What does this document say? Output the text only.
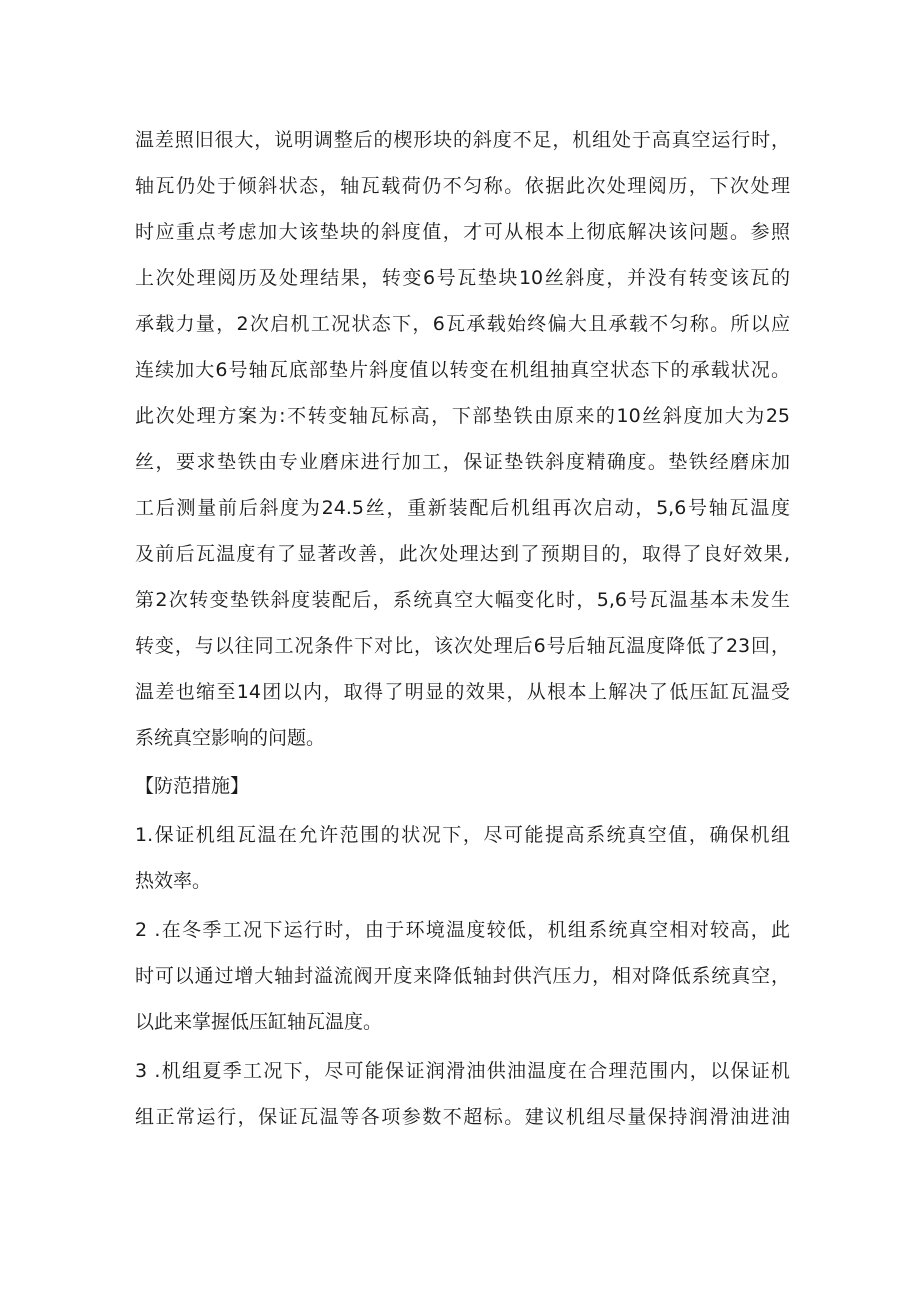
温差照旧很大，说明调整后的楔形块的斜度不足，机组处于高真空运行时，
轴瓦仍处于倾斜状态，轴瓦载荷仍不匀称。依据此次处理阅历，下次处理
时应重点考虑加大该垫块的斜度值，才可从根本上彻底解决该问题。参照
上次处理阅历及处理结果，转变6号瓦垫块10丝斜度，并没有转变该瓦的
承载力量，2次启机工况状态下，6瓦承载始终偏大且承载不匀称。所以应
连续加大6号轴瓦底部垫片斜度值以转变在机组抽真空状态下的承载状况。
此次处理方案为:不转变轴瓦标高，下部垫铁由原来的10丝斜度加大为25
丝，要求垫铁由专业磨床进行加工，保证垫铁斜度精确度。垫铁经磨床加
工后测量前后斜度为24.5丝，重新装配后机组再次启动，5,6号轴瓦温度
及前后瓦温度有了显著改善，此次处理达到了预期目的，取得了良好效果,
第2次转变垫铁斜度装配后，系统真空大幅变化时，5,6号瓦温基本未发生
转变，与以往同工况条件下对比，该次处理后6号后轴瓦温度降低了23回，
温差也缩至14团以内，取得了明显的效果，从根本上解决了低压缸瓦温受
系统真空影响的问题。
【防范措施】
1.保证机组瓦温在允许范围的状况下，尽可能提高系统真空值，确保机组
热效率。
2 .在冬季工况下运行时，由于环境温度较低，机组系统真空相对较高，此
时可以通过增大轴封溢流阀开度来降低轴封供汽压力，相对降低系统真空，
以此来掌握低压缸轴瓦温度。
3 .机组夏季工况下，尽可能保证润滑油供油温度在合理范围内，以保证机
组正常运行，保证瓦温等各项参数不超标。建议机组尽量保持润滑油进油
